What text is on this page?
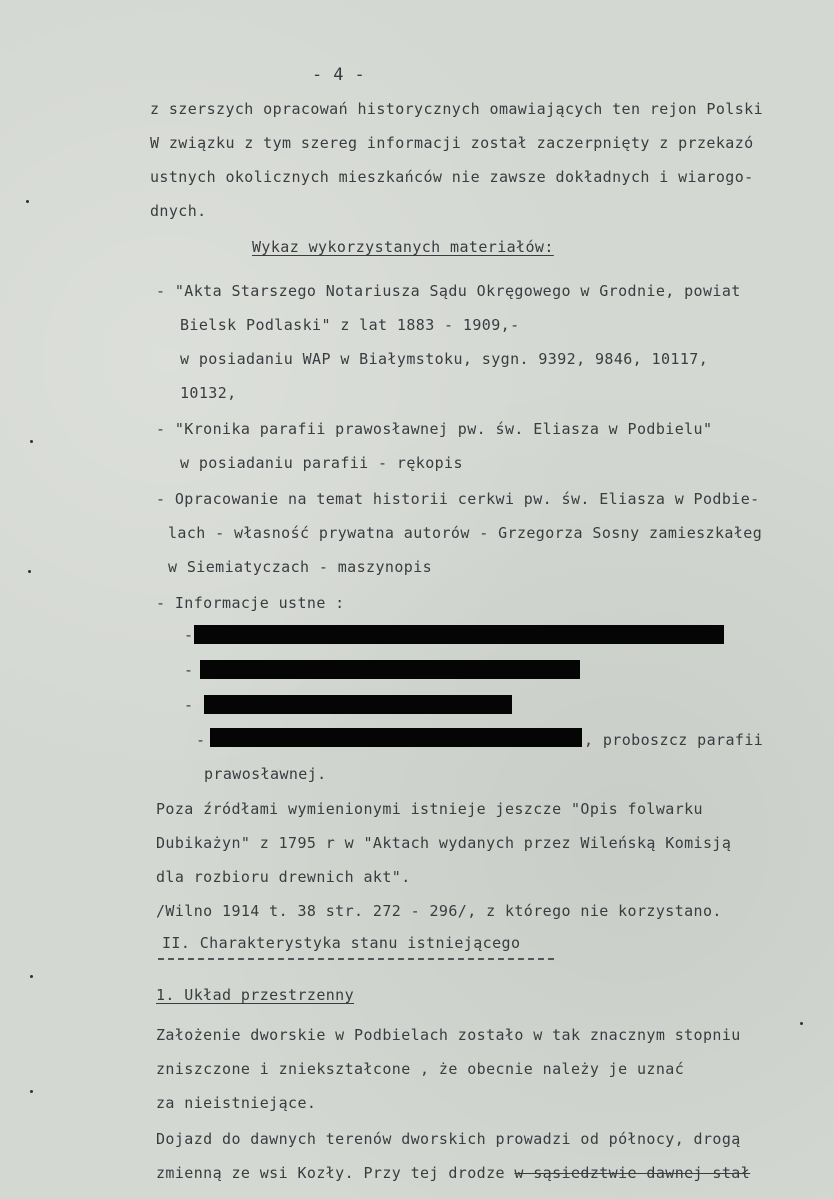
- 4 -
z szerszych opracowań historycznych omawiających ten rejon Polski
W związku z tym szereg informacji został zaczerpnięty z przekazó
ustnych okolicznych mieszkańców nie zawsze dokładnych i wiarogo-
dnych.
Wykaz wykorzystanych materiałów:
- "Akta Starszego Notariusza Sądu Okręgowego w Grodnie, powiat
Bielsk Podlaski" z lat 1883 - 1909,-
w posiadaniu WAP w Białymstoku, sygn. 9392, 9846, 10117,
10132,
- "Kronika parafii prawosławnej pw. św. Eliasza w Podbielu"
w posiadaniu parafii - rękopis
- Opracowanie na temat historii cerkwi pw. św. Eliasza w Podbie-
lach - własność prywatna autorów - Grzegorza Sosny zamieszkałeg
w Siemiatyczach - maszynopis
- Informacje ustne :
-
-
-
-	, proboszcz parafii
prawosławnej.
Poza źródłami wymienionymi istnieje jeszcze "Opis folwarku
Dubikażyn" z 1795 r w "Aktach wydanych przez Wileńską Komisją
dla rozbioru drewnich akt".
/Wilno 1914 t. 38 str. 272 - 296/, z którego nie korzystano.
II. Charakterystyka stanu istniejącego
1. Układ przestrzenny
Założenie dworskie w Podbielach zostało w tak znacznym stopniu
zniszczone i zniekształcone , że obecnie należy je uznać
za nieistniejące.
Dojazd do dawnych terenów dworskich prowadzi od północy, drogą
zmienną ze wsi Kozły. Przy tej drodze w sąsiedztwie dawnej stał
